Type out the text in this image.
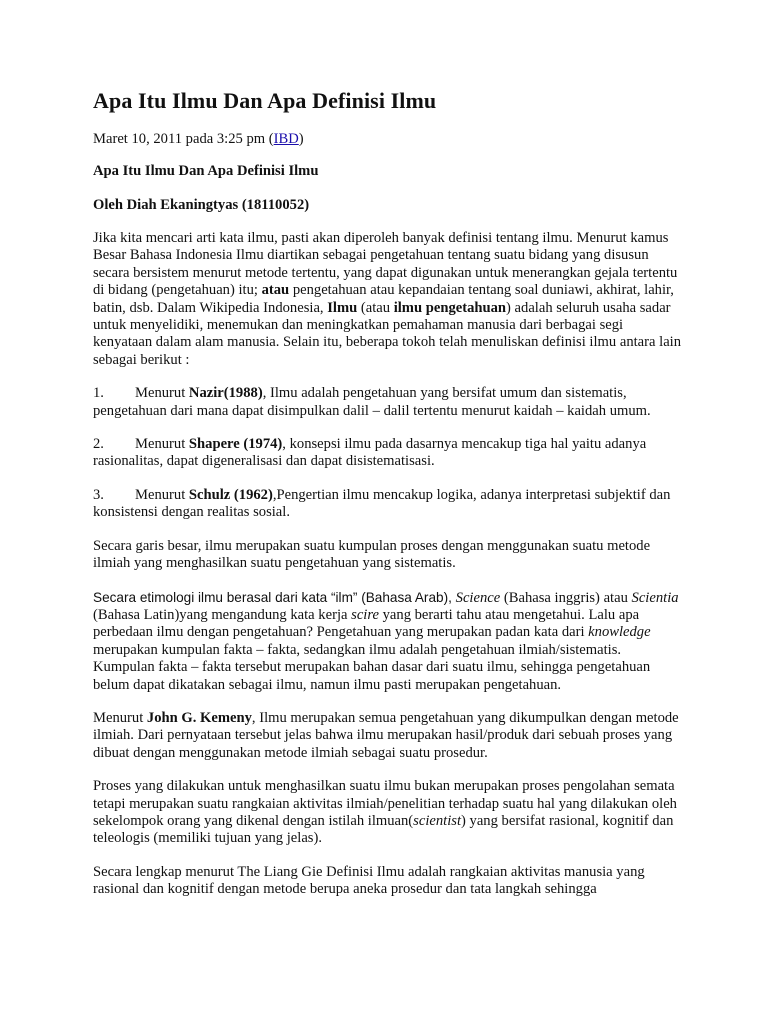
Apa Itu Ilmu Dan Apa Definisi Ilmu
Maret 10, 2011 pada 3:25 pm (IBD)
Apa Itu Ilmu Dan Apa Definisi Ilmu
Oleh Diah Ekaningtyas (18110052)

Jika kita mencari arti kata ilmu, pasti akan diperoleh banyak definisi tentang ilmu. Menurut kamus Besar Bahasa Indonesia Ilmu diartikan sebagai pengetahuan tentang suatu bidang yang disusun secara bersistem menurut metode tertentu, yang dapat digunakan untuk menerangkan gejala tertentu di bidang (pengetahuan) itu; atau pengetahuan atau kepandaian tentang soal duniawi, akhirat, lahir, batin, dsb. Dalam Wikipedia Indonesia, Ilmu (atau ilmu pengetahuan) adalah seluruh usaha sadar untuk menyelidiki, menemukan dan meningkatkan pemahaman manusia dari berbagai segi kenyataan dalam alam manusia. Selain itu, beberapa tokoh telah menuliskan definisi ilmu antara lain sebagai berikut :

1. Menurut Nazir(1988), Ilmu adalah pengetahuan yang bersifat umum dan sistematis, pengetahuan dari mana dapat disimpulkan dalil – dalil tertentu menurut kaidah – kaidah umum.

2. Menurut Shapere (1974), konsepsi ilmu pada dasarnya mencakup tiga hal yaitu adanya rasionalitas, dapat digeneralisasi dan dapat disistematisasi.

3. Menurut Schulz (1962),Pengertian ilmu mencakup logika, adanya interpretasi subjektif dan konsistensi dengan realitas sosial.

Secara garis besar, ilmu merupakan suatu kumpulan proses dengan menggunakan suatu metode ilmiah yang menghasilkan suatu pengetahuan yang sistematis.

Secara etimologi ilmu berasal dari kata “ilm” (Bahasa Arab), Science (Bahasa inggris) atau Scientia (Bahasa Latin)yang mengandung kata kerja scire yang berarti tahu atau mengetahui. Lalu apa perbedaan ilmu dengan pengetahuan? Pengetahuan yang merupakan padan kata dari knowledge merupakan kumpulan fakta – fakta, sedangkan ilmu adalah pengetahuan ilmiah/sistematis. Kumpulan fakta – fakta tersebut merupakan bahan dasar dari suatu ilmu, sehingga pengetahuan belum dapat dikatakan sebagai ilmu, namun ilmu pasti merupakan pengetahuan.

Menurut John G. Kemeny, Ilmu merupakan semua pengetahuan yang dikumpulkan dengan metode ilmiah. Dari pernyataan tersebut jelas bahwa ilmu merupakan hasil/produk dari sebuah proses yang dibuat dengan menggunakan metode ilmiah sebagai suatu prosedur.

Proses yang dilakukan untuk menghasilkan suatu ilmu bukan merupakan proses pengolahan semata tetapi merupakan suatu rangkaian aktivitas ilmiah/penelitian terhadap suatu hal yang dilakukan oleh sekelompok orang yang dikenal dengan istilah ilmuan(scientist) yang bersifat rasional, kognitif dan teleologis (memiliki tujuan yang jelas).

Secara lengkap menurut The Liang Gie Definisi Ilmu adalah rangkaian aktivitas manusia yang rasional dan kognitif dengan metode berupa aneka prosedur dan tata langkah sehingga
